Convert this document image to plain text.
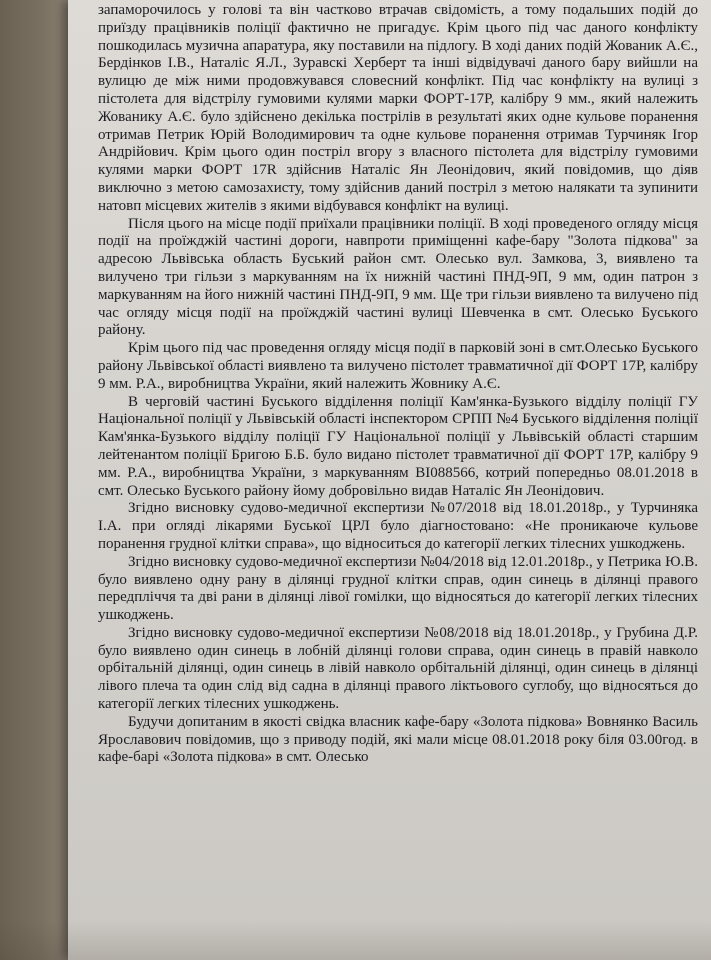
запаморочилось у голові та він частково втрачав свідомість, а тому подальших подій до приїзду працівників поліції фактично не пригадує. Крім цього під час даного конфлікту пошкодилась музична апаратура, яку поставили на підлогу. В ході даних подій Жованик А.Є., Бердінков І.В., Наталіс Я.Л., Зуравскі Херберт та інші відвідувачі даного бару вийшли на вулицю де між ними продовжувався словесний конфлікт. Під час конфлікту на вулиці з пістолета для відстрілу гумовими кулями марки ФОРТ-17Р, калібру 9 мм., який належить Жованику А.Є. було здійснено декілька пострілів в результаті яких одне кульове поранення отримав Петрик Юрій Володимирович та одне кульове поранення отримав Турчиняк Ігор Андрійович. Крім цього один постріл вгору з власного пістолета для відстрілу гумовими кулями марки ФОРТ 17R здійснив Наталіс Ян Леонідович, який повідомив, що діяв виключно з метою самозахисту, тому здійснив даний постріл з метою налякати та зупинити натовп місцевих жителів з якими відбувався конфлікт на вулиці.

Після цього на місце події приїхали працівники поліції. В ході проведеного огляду місця події на проїжджій частині дороги, навпроти приміщенні кафе-бару "Золота підкова" за адресою Львівська область Буський район смт. Олесько вул. Замкова, 3, виявлено та вилучено три гільзи з маркуванням на їх нижній частині ПНД-9П, 9 мм, один патрон з маркуванням на його нижній частині ПНД-9П, 9 мм. Ще три гільзи виявлено та вилучено під час огляду місця події на проїжджій частині вулиці Шевченка в смт. Олесько Буського району.

Крім цього під час проведення огляду місця події в парковій зоні в смт.Олесько Буського району Львівської області виявлено та вилучено пістолет травматичної дії ФОРТ 17Р, калібру 9 мм. Р.А., виробництва України, який належить Жовнику А.Є.

В черговій частині Буського відділення поліції Кам'янка-Бузького відділу поліції ГУ Національної поліції у Львівській області інспектором СРПП №4 Буського відділення поліції Кам'янка-Бузького відділу поліції ГУ Національної поліції у Львівській області старшим лейтенантом поліції Бригою Б.Б. було видано пістолет травматичної дії ФОРТ 17Р, калібру 9 мм. Р.А., виробництва України, з маркуванням ВІ088566, котрий попередньо 08.01.2018 в смт. Олесько Буського району йому добровільно видав Наталіс Ян Леонідович.

Згідно висновку судово-медичної експертизи №07/2018 від 18.01.2018р., у Турчиняка І.А. при огляді лікарями Буської ЦРЛ було діагностовано: «Не проникаюче кульове поранення грудної клітки справа», що відноситься до категорії легких тілесних ушкоджень.

Згідно висновку судово-медичної експертизи №04/2018 від 12.01.2018р., у Петрика Ю.В. було виявлено одну рану в ділянці грудної клітки справ, один синець в ділянці правого передпліччя та дві рани в ділянці лівої гомілки, що відносяться до категорії легких тілесних ушкоджень.

Згідно висновку судово-медичної експертизи №08/2018 від 18.01.2018р., у Грубина Д.Р. було виявлено один синець в лобній ділянці голови справа, один синець в правій навколо орбітальній ділянці, один синець в лівій навколо орбітальній ділянці, один синець в ділянці лівого плеча та один слід від садна в ділянці правого ліктьового суглобу, що відносяться до категорії легких тілесних ушкоджень.

Будучи допитаним в якості свідка власник кафе-бару «Золота підкова» Вовнянко Василь Ярославович повідомив, що з приводу подій, які мали місце 08.01.2018 року біля 03.00год. в кафе-барі «Золота підкова» в смт. Олесько
